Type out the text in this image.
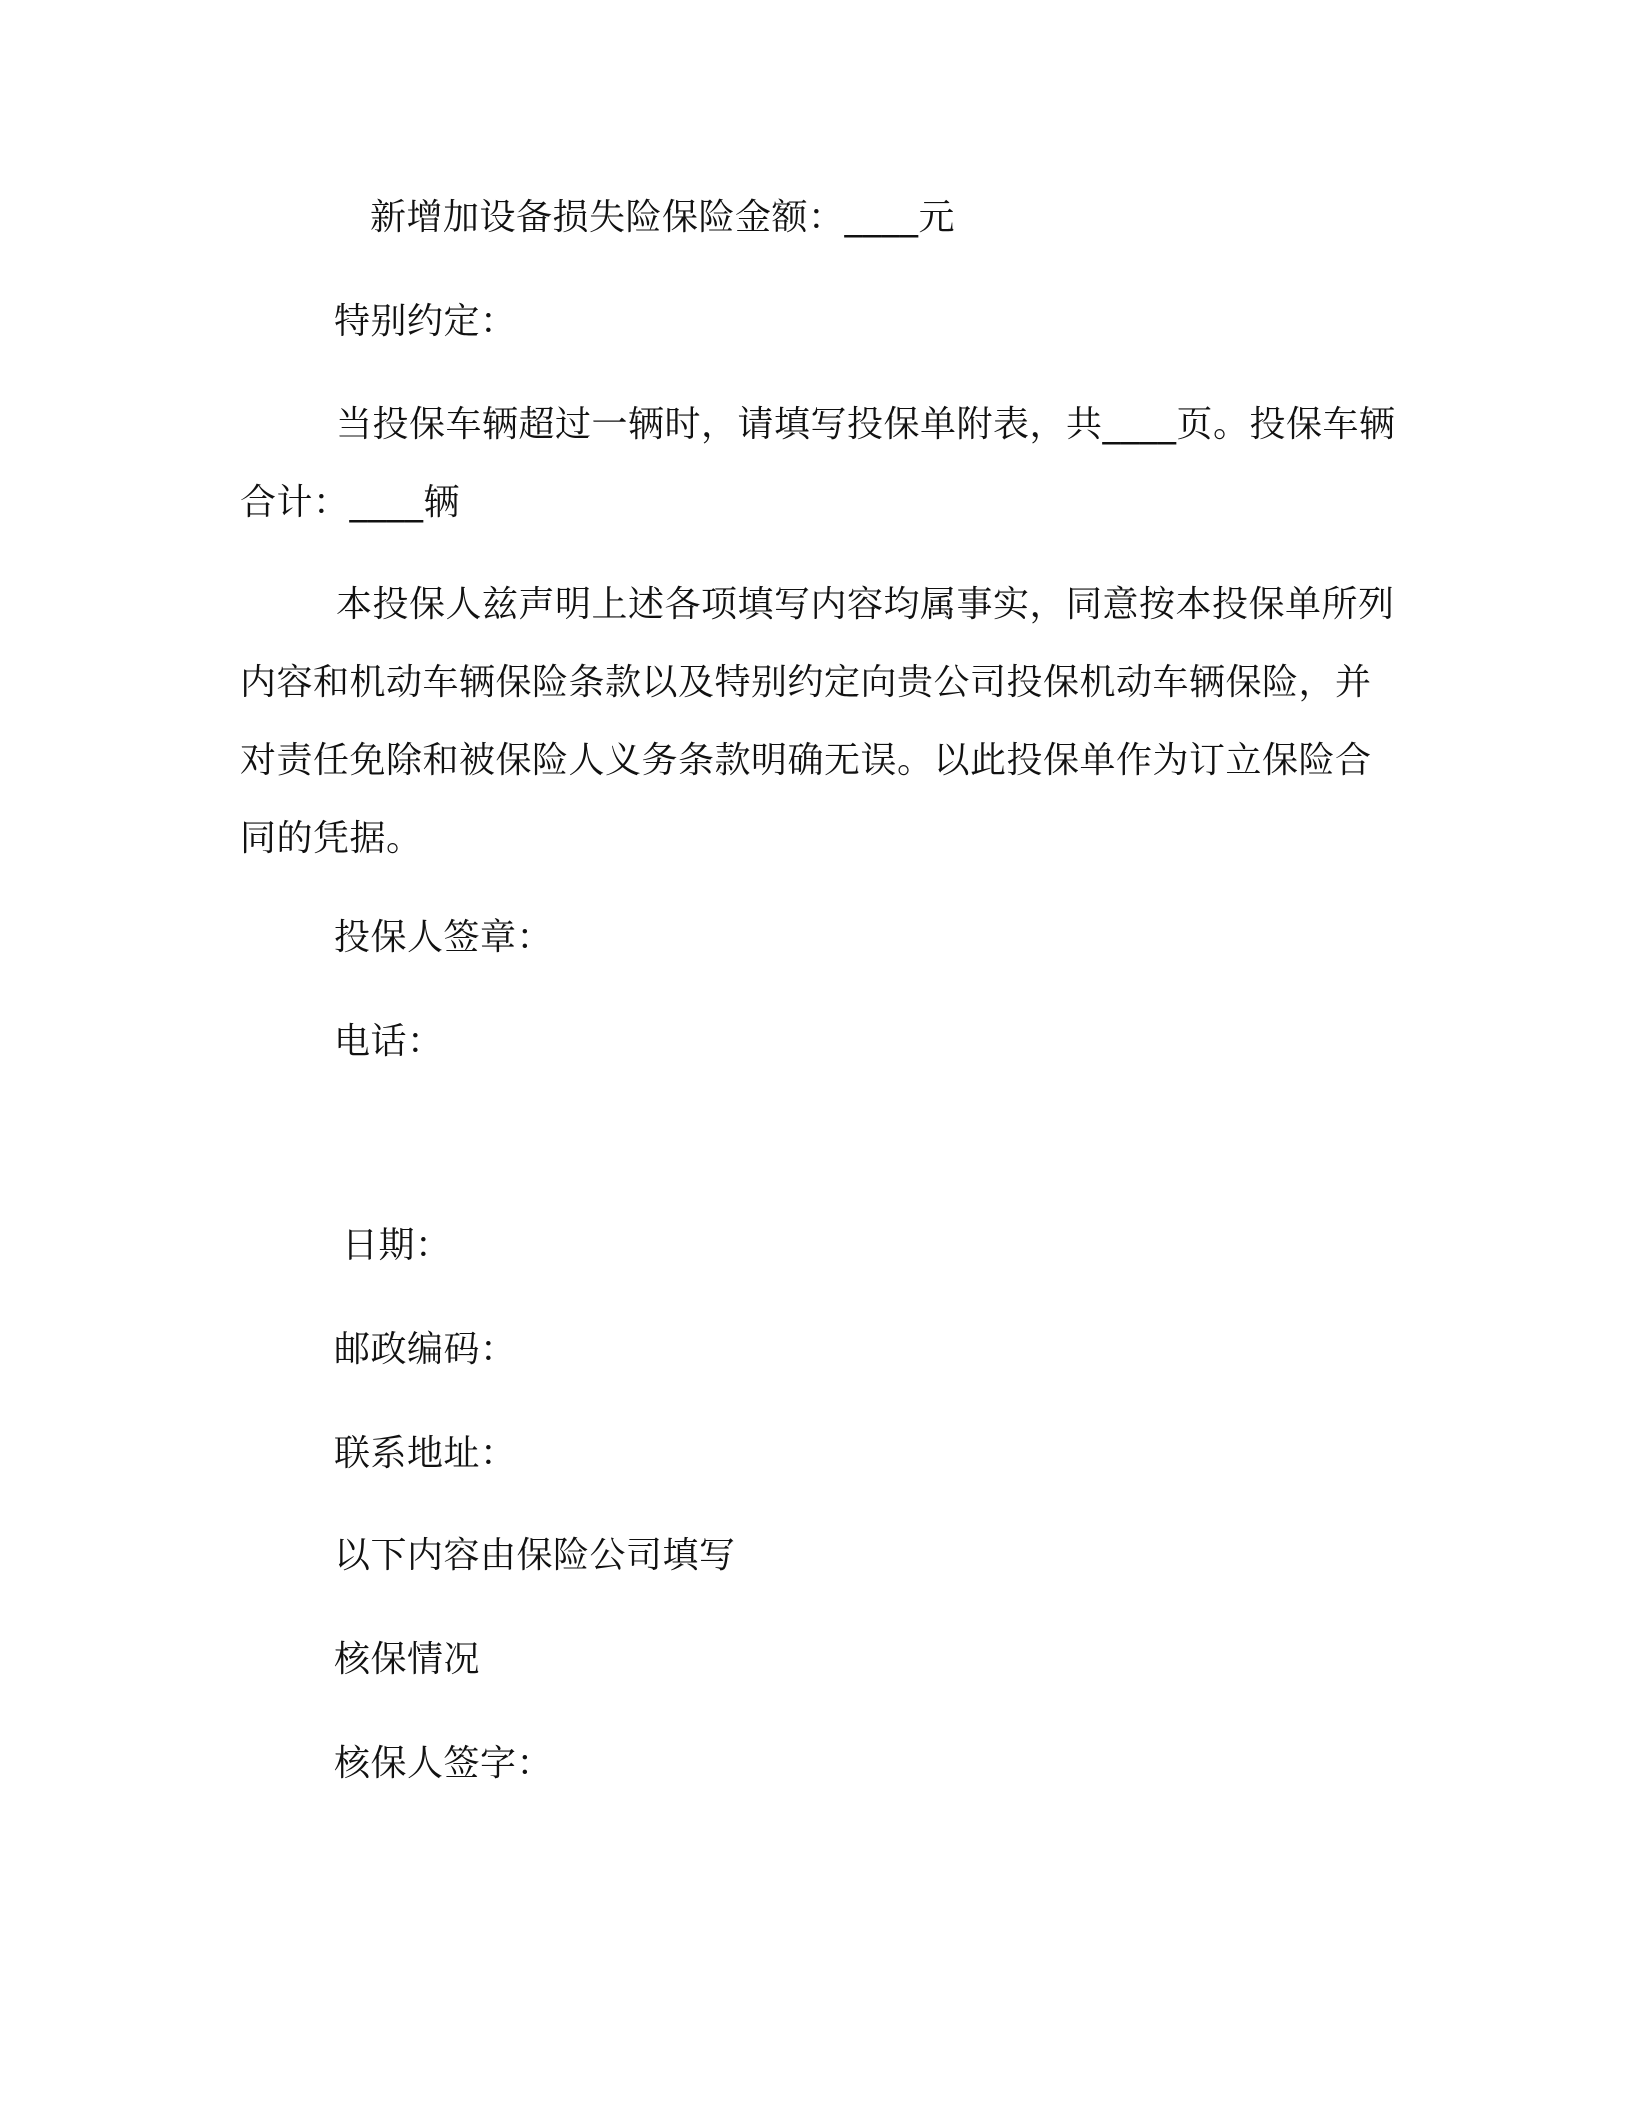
新增加设备损失险保险金额：____元
特别约定：
当投保车辆超过一辆时，请填写投保单附表，共____页。投保车辆合计：____辆
本投保人兹声明上述各项填写内容均属事实，同意按本投保单所列内容和机动车辆保险条款以及特别约定向贵公司投保机动车辆保险，并对责任免除和被保险人义务条款明确无误。以此投保单作为订立保险合同的凭据。
投保人签章：
电话：
日期：
邮政编码：
联系地址：
以下内容由保险公司填写
核保情况
核保人签字：
